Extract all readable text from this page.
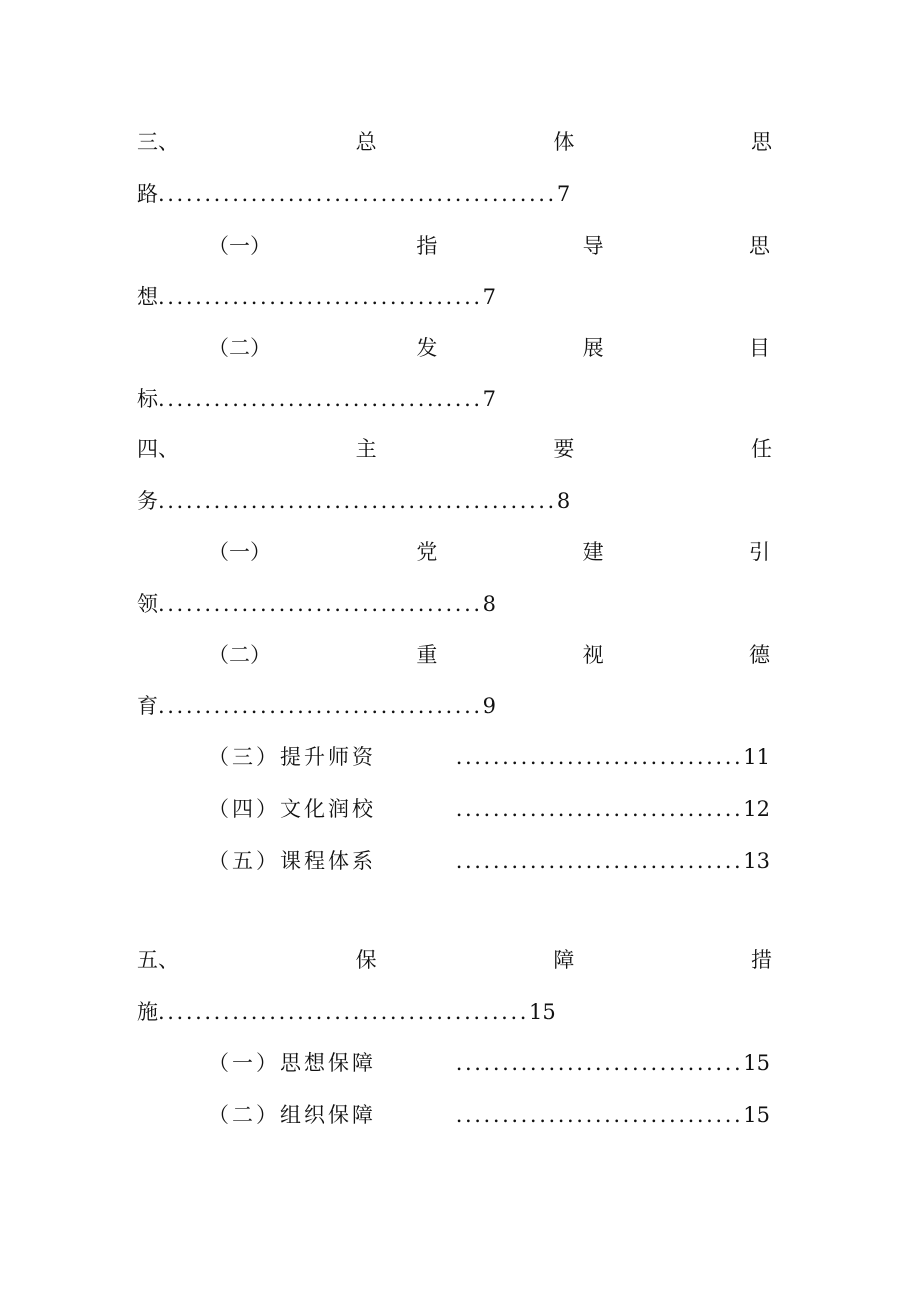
三、	总	体	思
路...........................................7
（一）	指	导	思
想...................................7
（二）	发	展	目
标...................................7
四、	主	要	任
务...........................................8
（一）	党	建	引
领...................................8
（二）	重	视	德
育...................................9
（三）提升师资	............................... 11
（四）文化润校	............................... 12
（五）课程体系	............................... 13
五、	保	障	措
施........................................15
（一）思想保障	............................... 15
（二）组织保障	............................... 15
